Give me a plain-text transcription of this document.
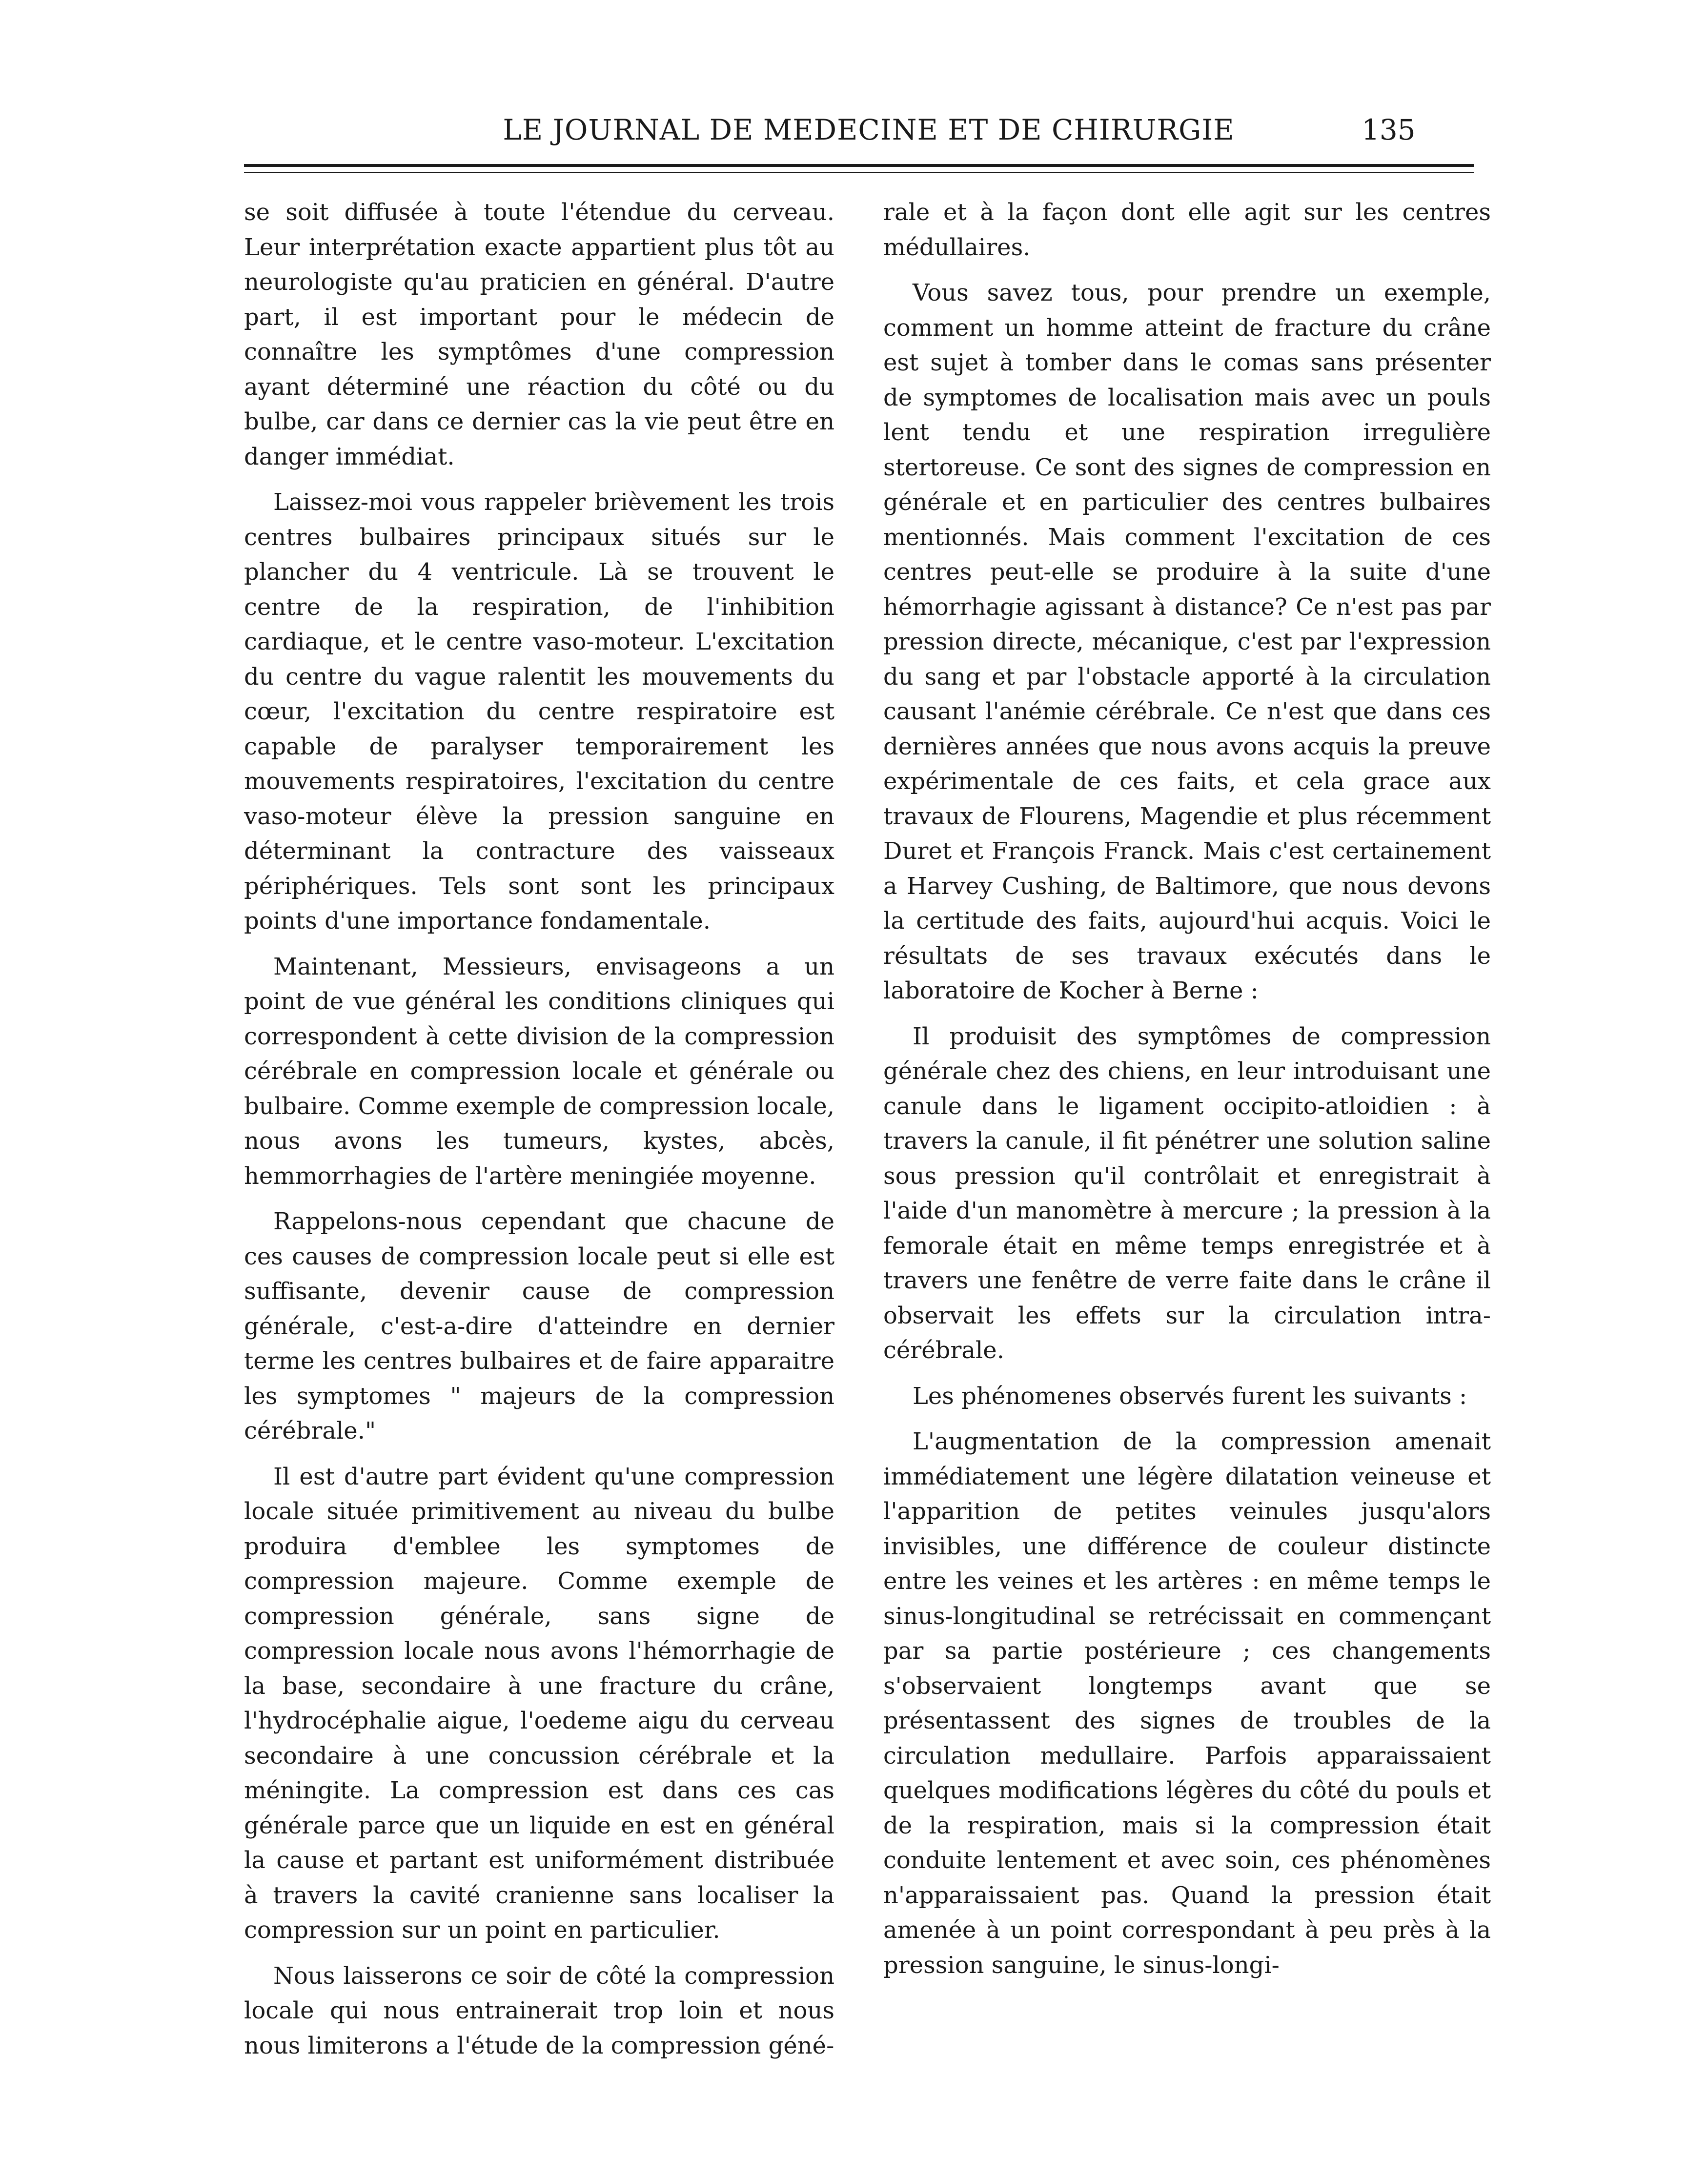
LE JOURNAL DE MEDECINE ET DE CHIRURGIE	135

se soit diffusée à toute l'étendue du cerveau. Leur interprétation exacte appartient plus tôt au neurologiste qu'au praticien en général. D'autre part, il est important pour le médecin de connaître les symptômes d'une compression ayant déterminé une réaction du côté ou du bulbe, car dans ce dernier cas la vie peut être en danger immédiat.

Laissez-moi vous rappeler brièvement les trois centres bulbaires principaux situés sur le plancher du 4 ventricule. Là se trouvent le centre de la respiration, de l'inhibition cardiaque, et le centre vaso-moteur. L'excitation du centre du vague ralentit les mouvements du cœur, l'excitation du centre respiratoire est capable de paralyser temporairement les mouvements respiratoires, l'excitation du centre vaso-moteur élève la pression sanguine en déterminant la contracture des vaisseaux périphériques. Tels sont sont les principaux points d'une importance fondamentale.

Maintenant, Messieurs, envisageons a un point de vue général les conditions cliniques qui correspondent à cette division de la compression cérébrale en compression locale et générale ou bulbaire. Comme exemple de compression locale, nous avons les tumeurs, kystes, abcès, hemmorrhagies de l'artère meningiée moyenne.

Rappelons-nous cependant que chacune de ces causes de compression locale peut si elle est suffisante, devenir cause de compression générale, c'est-a-dire d'atteindre en dernier terme les centres bulbaires et de faire apparaitre les symptomes " majeurs de la compression cérébrale."

Il est d'autre part évident qu'une compression locale située primitivement au niveau du bulbe produira d'emblee les symptomes de compression majeure. Comme exemple de compression générale, sans signe de compression locale nous avons l'hémorrhagie de la base, secondaire à une fracture du crâne, l'hydrocéphalie aigue, l'oedeme aigu du cerveau secondaire à une concussion cérébrale et la méningite. La compression est dans ces cas générale parce que un liquide en est en général la cause et partant est uniformément distribuée à travers la cavité cranienne sans localiser la compression sur un point en particulier.

Nous laisserons ce soir de côté la compression locale qui nous entrainerait trop loin et nous nous limiterons a l'étude de la compression géné-

rale et à la façon dont elle agit sur les centres médullaires.

Vous savez tous, pour prendre un exemple, comment un homme atteint de fracture du crâne est sujet à tomber dans le comas sans présenter de symptomes de localisation mais avec un pouls lent tendu et une respiration irregulière stertoreuse. Ce sont des signes de compression en générale et en particulier des centres bulbaires mentionnés. Mais comment l'excitation de ces centres peut-elle se produire à la suite d'une hémorrhagie agissant à distance? Ce n'est pas par pression directe, mécanique, c'est par l'expression du sang et par l'obstacle apporté à la circulation causant l'anémie cérébrale. Ce n'est que dans ces dernières années que nous avons acquis la preuve expérimentale de ces faits, et cela grace aux travaux de Flourens, Magendie et plus récemment Duret et François Franck. Mais c'est certainement a Harvey Cushing, de Baltimore, que nous devons la certitude des faits, aujourd'hui acquis. Voici le résultats de ses travaux exécutés dans le laboratoire de Kocher à Berne :

Il produisit des symptômes de compression générale chez des chiens, en leur introduisant une canule dans le ligament occipito-atloidien : à travers la canule, il fit pénétrer une solution saline sous pression qu'il contrôlait et enregistrait à l'aide d'un manomètre à mercure ; la pression à la femorale était en même temps enregistrée et à travers une fenêtre de verre faite dans le crâne il observait les effets sur la circulation intra-cérébrale.

Les phénomenes observés furent les suivants :

L'augmentation de la compression amenait immédiatement une légère dilatation veineuse et l'apparition de petites veinules jusqu'alors invisibles, une différence de couleur distincte entre les veines et les artères : en même temps le sinus-longitudinal se retrécissait en commençant par sa partie postérieure ; ces changements s'observaient longtemps avant que se présentassent des signes de troubles de la circulation medullaire. Parfois apparaissaient quelques modifications légères du côté du pouls et de la respiration, mais si la compression était conduite lentement et avec soin, ces phénomènes n'apparaissaient pas. Quand la pression était amenée à un point correspondant à peu près à la pression sanguine, le sinus-longi-
